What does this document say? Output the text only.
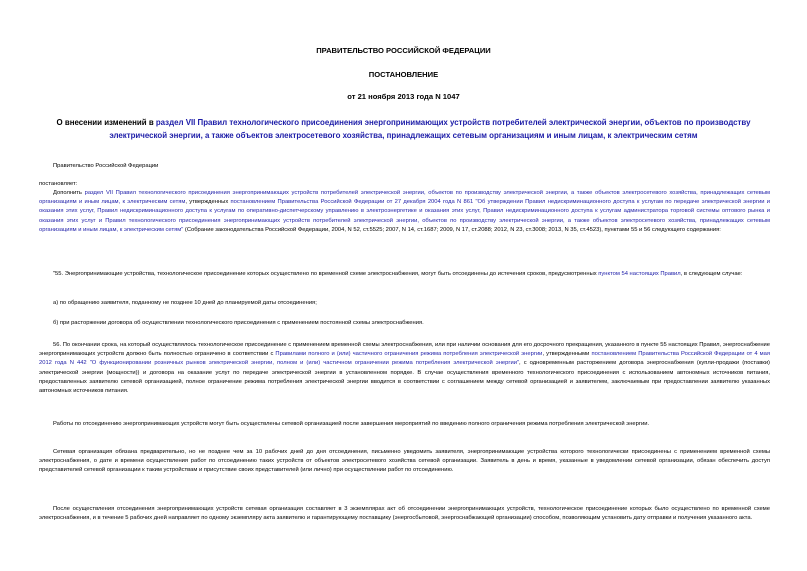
ПРАВИТЕЛЬСТВО РОССИЙСКОЙ ФЕДЕРАЦИИ

ПОСТАНОВЛЕНИЕ

от 21 ноября 2013 года N 1047

О внесении изменений в раздел VII Правил технологического присоединения энергопринимающих устройств потребителей электрической энергии, объектов по производству электрической энергии, а также объектов электросетевого хозяйства, принадлежащих сетевым организациям и иным лицам, к электрическим сетям

Правительство Российской Федерации

постановляет:

Дополнить раздел VII Правил технологического присоединения энергопринимающих устройств потребителей электрической энергии, объектов по производству электрической энергии, а также объектов электросетевого хозяйства, принадлежащих сетевым организациям и иным лицам, к электрическим сетям, утвержденных постановлением Правительства Российской Федерации от 27 декабря 2004 года N 861 "Об утверждении Правил недискриминационного доступа к услугам по передаче электрической энергии и оказания этих услуг, Правил недискриминационного доступа к услугам по оперативно-диспетчерскому управлению в электроэнергетике и оказания этих услуг, Правил недискриминационного доступа к услугам администратора торговой системы оптового рынка и оказания этих услуг и Правил технологического присоединения энергопринимающих устройств потребителей электрической энергии, объектов по производству электрической энергии, а также объектов электросетевого хозяйства, принадлежащих сетевым организациям и иным лицам, к электрическим сетям" (Собрание законодательства Российской Федерации, 2004, N 52, ст.5525; 2007, N 14, ст.1687; 2009, N 17, ст.2088; 2012, N 23, ст.3008; 2013, N 35, ст.4523), пунктами 55 и 56 следующего содержания:

"55. Энергопринимающие устройства, технологическое присоединение которых осуществлено по временной схеме электроснабжения, могут быть отсоединены до истечения сроков, предусмотренных пунктом 54 настоящих Правил, в следующем случае:

а) по обращению заявителя, поданному не позднее 10 дней до планируемой даты отсоединения;

б) при расторжении договора об осуществлении технологического присоединения с применением постоянной схемы электроснабжения.

56. По окончании срока, на который осуществлялось технологическое присоединение с применением временной схемы электроснабжения, или при наличии основания для его досрочного прекращения, указанного в пункте 55 настоящих Правил, энергоснабжение энергопринимающих устройств должно быть полностью ограничено в соответствии с Правилами полного и (или) частичного ограничения режима потребления электрической энергии, утвержденными постановлением Правительства Российской Федерации от 4 мая 2012 года N 442 "О функционировании розничных рынков электрической энергии, полном и (или) частичном ограничении режима потребления электрической энергии", с одновременным расторжением договора энергоснабжения (купли-продажи (поставки) электрической энергии (мощности)) и договора на оказание услуг по передаче электрической энергии в установленном порядке. В случае осуществления временного технологического присоединения с использованием автономных источников питания, предоставленных заявителю сетевой организацией, полное ограничение режима потребления электрической энергии вводится в соответствии с соглашением между сетевой организацией и заявителем, заключаемым при предоставлении заявителю указанных автономных источников питания.

Работы по отсоединению энергопринимающих устройств могут быть осуществлены сетевой организацией после завершения мероприятий по введению полного ограничения режима потребления электрической энергии.

Сетевая организация обязана предварительно, но не позднее чем за 10 рабочих дней до дня отсоединения, письменно уведомить заявителя, энергопринимающие устройства которого технологически присоединены с применением временной схемы электроснабжения, о дате и времени осуществления работ по отсоединению таких устройств от объектов электросетевого хозяйства сетевой организации. Заявитель в день и время, указанные в уведомлении сетевой организации, обязан обеспечить доступ представителей сетевой организации к таким устройствам и присутствие своих представителей (или лично) при осуществлении работ по отсоединению.

После осуществления отсоединения энергопринимающих устройств сетевая организация составляет в 3 экземплярах акт об отсоединении энергопринимающих устройств, технологическое присоединение которых было осуществлено по временной схеме электроснабжения, и в течение 5 рабочих дней направляет по одному экземпляру акта заявителю и гарантирующему поставщику (энергосбытовой, энергоснабжающей организации) способом, позволяющим установить дату отправки и получения указанного акта.
